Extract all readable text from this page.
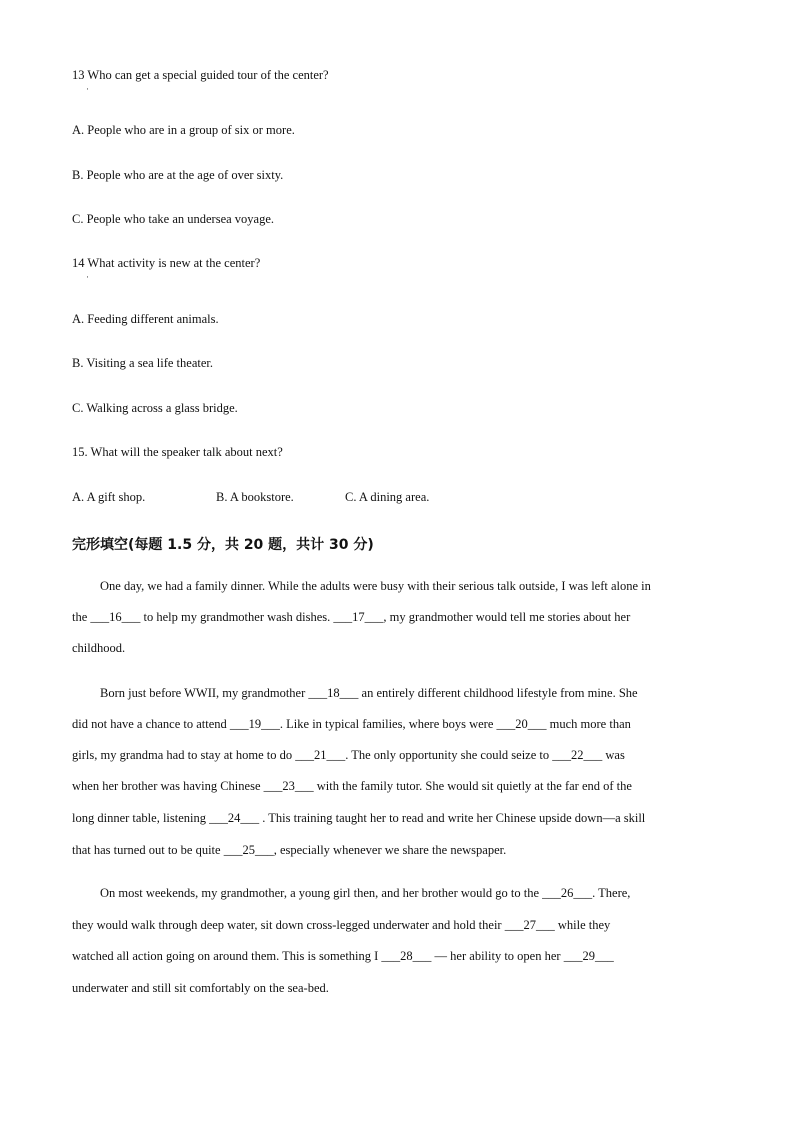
13 Who can get a special guided tour of the center?
·
A. People who are in a group of six or more.
B. People who are at the age of over sixty.
C. People who take an undersea voyage.
14 What activity is new at the center?
·
A. Feeding different animals.
B. Visiting a sea life theater.
C. Walking across a glass bridge.
15. What will the speaker talk about next?
A. A gift shop.	B. A bookstore.	C. A dining area.
完形填空(每题 1.5 分，共 20 题，共计 30 分)
One day, we had a family dinner. While the adults were busy with their serious talk outside, I was left alone in
the ___16___ to help my grandmother wash dishes. ___17___, my grandmother would tell me stories about her
childhood.
Born just before WWII, my grandmother ___18___ an entirely different childhood lifestyle from mine. She
did not have a chance to attend ___19___. Like in typical families, where boys were ___20___ much more than
girls, my grandma had to stay at home to do ___21___. The only opportunity she could seize to ___22___ was
when her brother was having Chinese ___23___ with the family tutor. She would sit quietly at the far end of the
long dinner table, listening ___24___ . This training taught her to read and write her Chinese upside down—a skill
that has turned out to be quite ___25___, especially whenever we share the newspaper.
On most weekends, my grandmother, a young girl then, and her brother would go to the ___26___. There,
they would walk through deep water, sit down cross-legged underwater and hold their ___27___ while they
watched all action going on around them. This is something I ___28___ — her ability to open her ___29___
underwater and still sit comfortably on the sea-bed.
